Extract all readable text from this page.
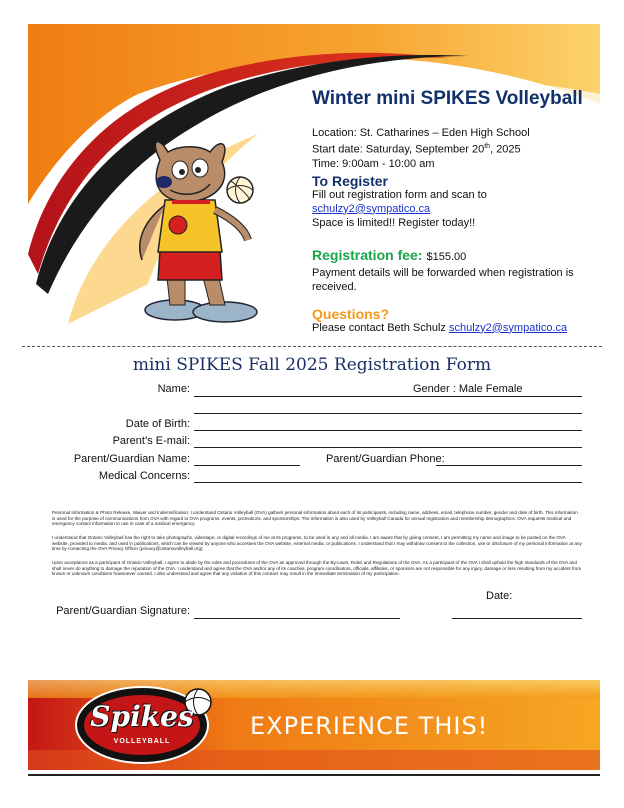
Winter mini SPIKES Volleyball
Location: St. Catharines – Eden High School
Start date: Saturday, September 20th, 2025
Time: 9:00am - 10:00 am
To Register
Fill out registration form and scan to schulzy2@sympatico.ca
Space is limited!! Register today!!
Registration fee: $155.00
Payment details will be forwarded when registration is received.
Questions?
Please contact Beth Schulz schulzy2@sympatico.ca
mini SPIKES Fall 2025 Registration Form
Name:	Gender : Male Female
Date of Birth:
Parent’s E-mail:
Parent/Guardian Name:	Parent/Guardian Phone:
Medical Concerns:
Personal Information & Photo Release, Waiver and Indemnification: I understand Ontario Volleyball (OVA) gathers personal information about each of its participants, including name, address, email, telephone number, gender and date of birth. This information is used for the purpose of communications from OVA with regard to OVA programs, events, promotions, and sponsorships. The information is also used by Volleyball Canada for annual registration and membership demographics. OVA requests medical and emergency contact information to use in case of a medical emergency.
I understand that Ontario Volleyball has the right to take photographs, videotape, or digital recordings of me at its programs, to be used in any and all media. I am aware that by giving consent, I am permitting my name and image to be posted on the OVA website, provided to media, and used in publications, which can be viewed by anyone who accesses the OVA website, external media, or publications. I understand that I may withdraw consent to the collection, use or disclosure of my personal information at any time by contacting the OVA Privacy Officer (privacy@ontariovolleyball.org).
Upon acceptance as a participant of Ontario Volleyball, I agree to abide by the rules and procedures of the OVA as approved through the By-Laws, Rules and Regulations of the OVA. As a participant of the OVA I shall uphold the high standards of the OVA and shall never do anything to damage the reputation of the OVA. I understand and agree that the OVA and/or any of its coaches, program coordinators, officials, affiliates, or sponsors are not responsible for any injury, damage or loss resulting from my accident from known or unknown conditions howsoever caused. I also understand and agree that any violation of this contract may result in the immediate termination of my participation.
Date:
Parent/Guardian Signature:
Spikes
VOLLEYBALL
EXPERIENCE THIS!
